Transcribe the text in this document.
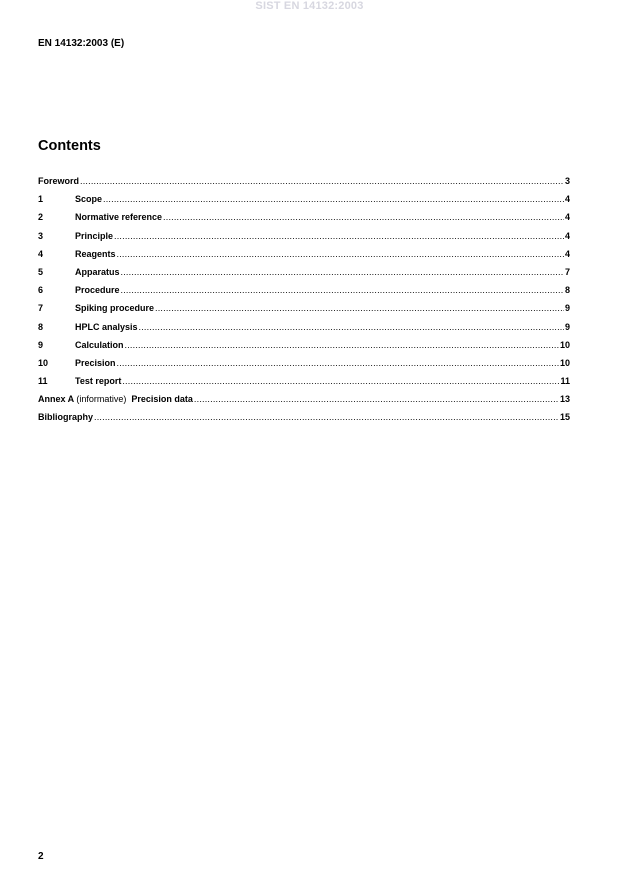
SIST EN 14132:2003
EN 14132:2003 (E)
Contents
Foreword .....	3
1	Scope .....	4
2	Normative reference .....	4
3	Principle .....	4
4	Reagents .....	4
5	Apparatus .....	7
6	Procedure .....	8
7	Spiking procedure .....	9
8	HPLC analysis .....	9
9	Calculation .....	10
10	Precision .....	10
11	Test report .....	11
Annex A (informative) Precision data .....	13
Bibliography .....	15
2
